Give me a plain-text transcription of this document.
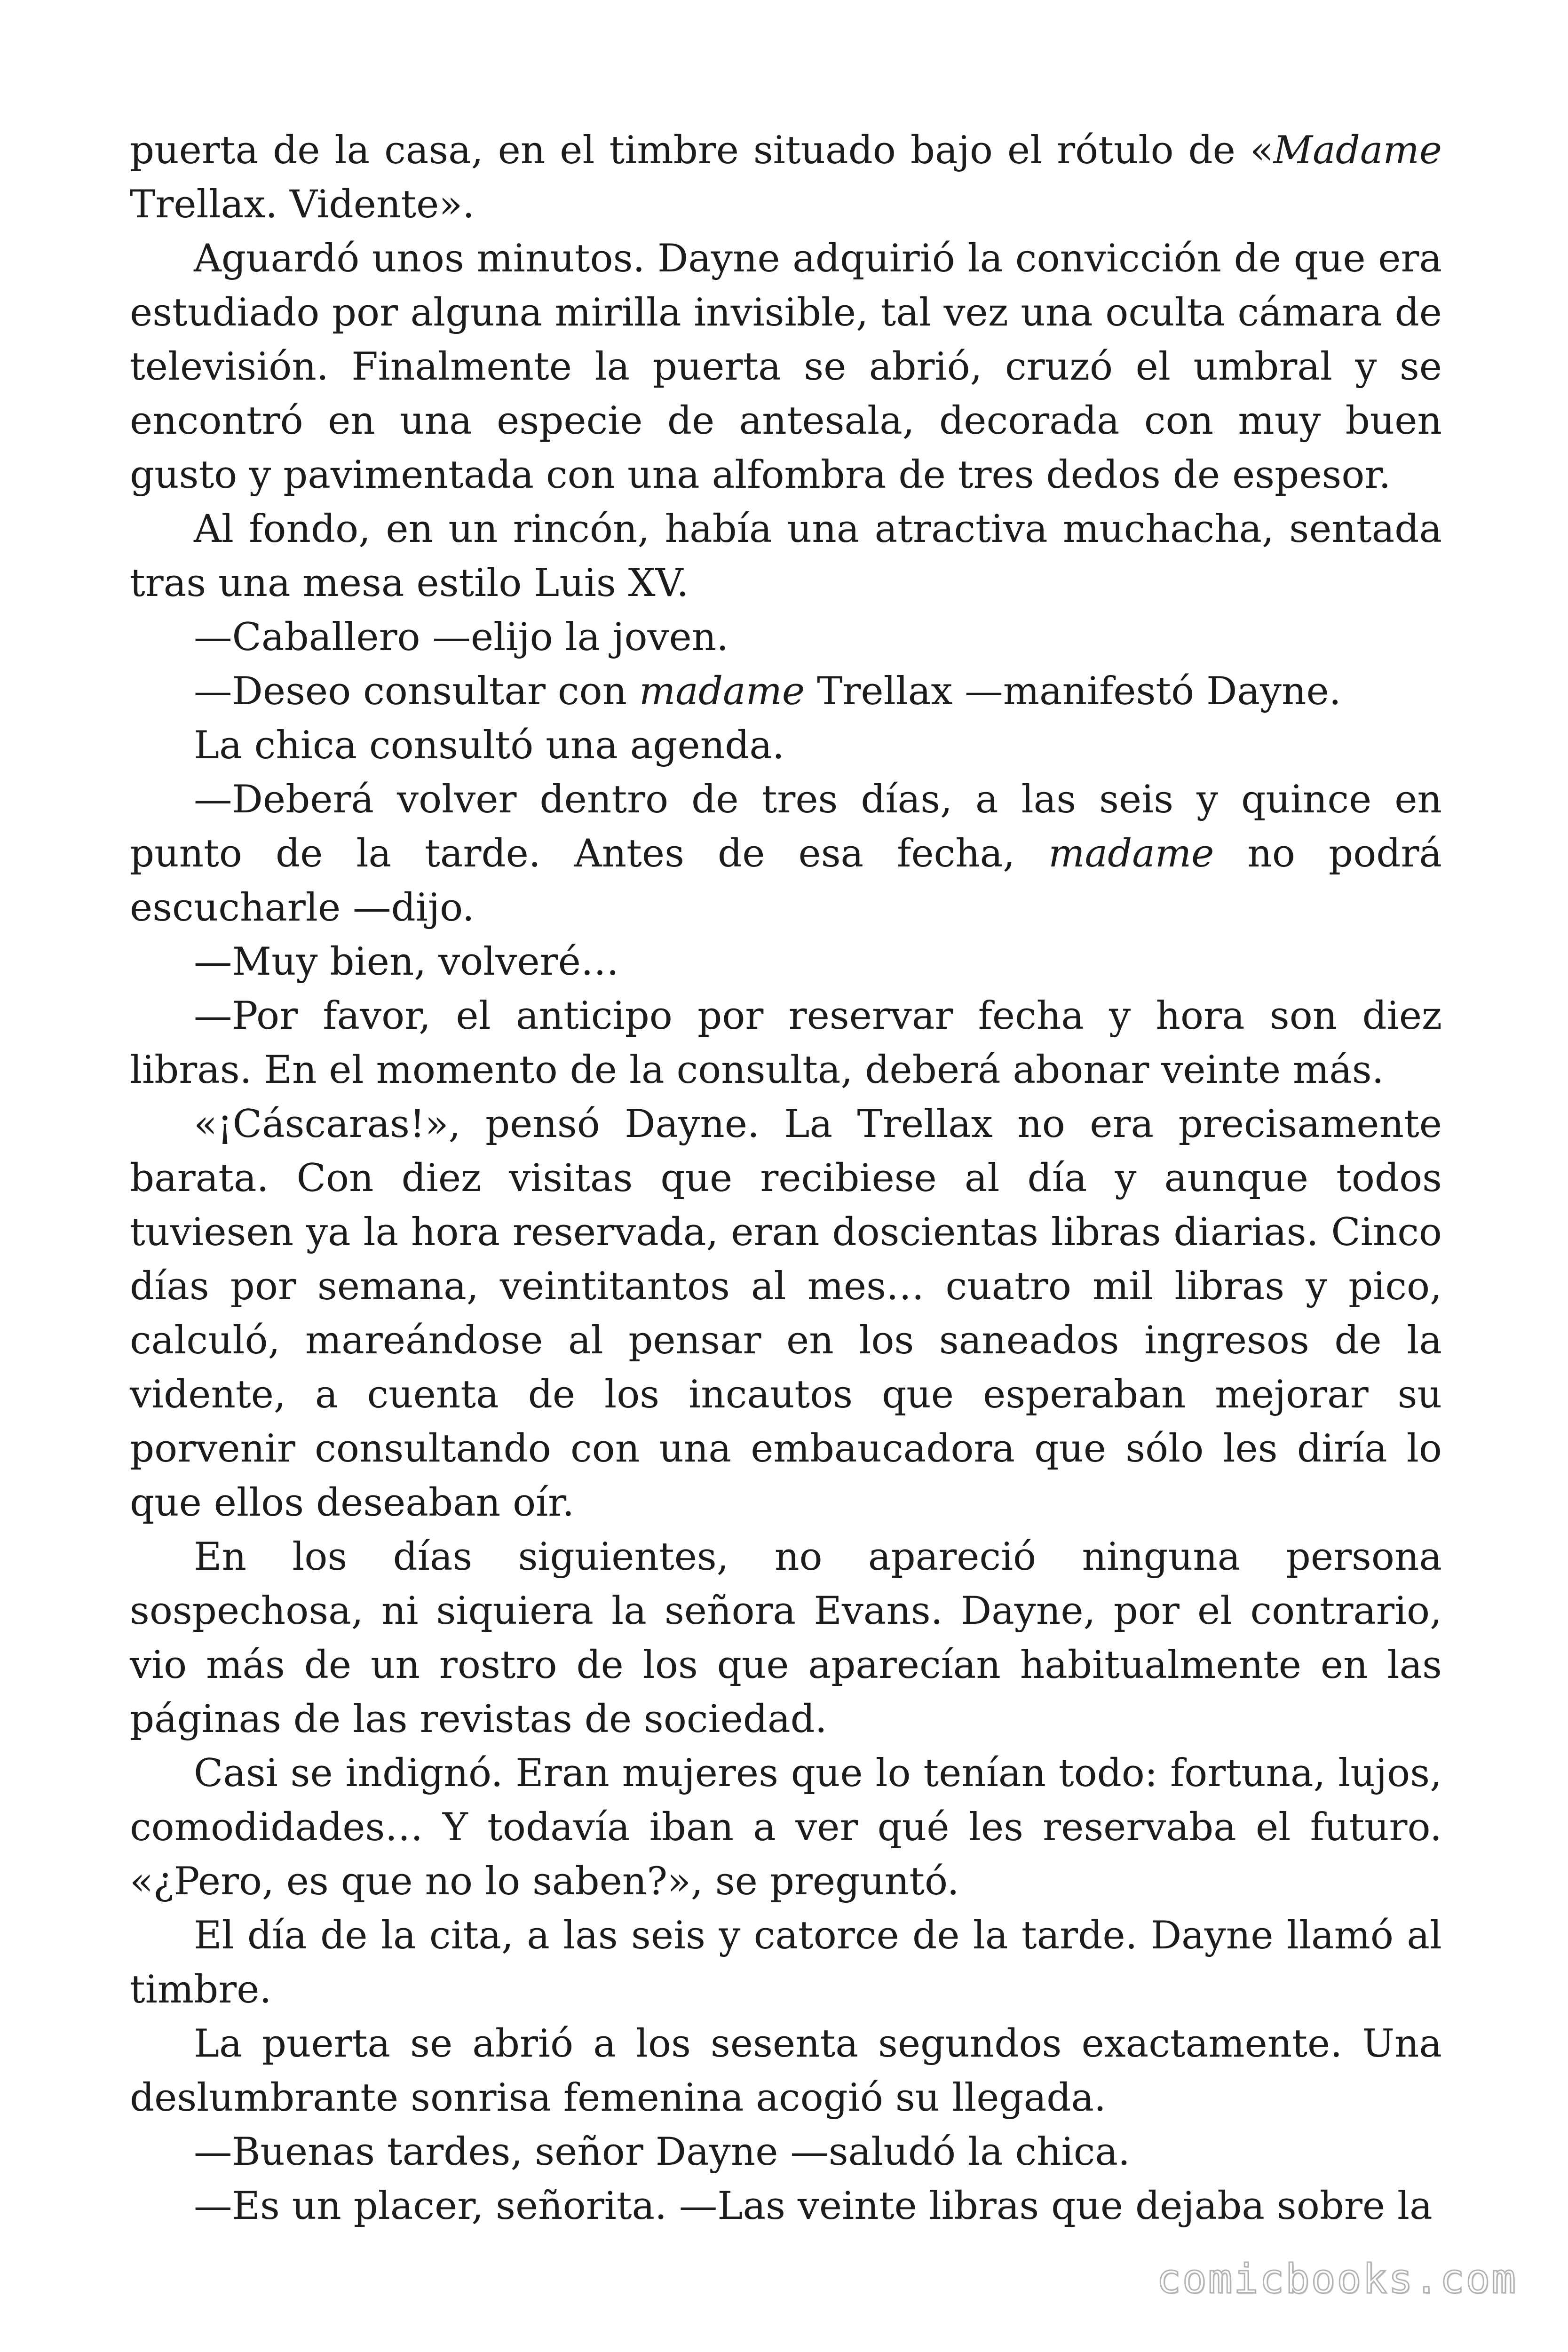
puerta de la casa, en el timbre situado bajo el rótulo de «Madame Trellax. Vidente».

Aguardó unos minutos. Dayne adquirió la convicción de que era estudiado por alguna mirilla invisible, tal vez una oculta cámara de televisión. Finalmente la puerta se abrió, cruzó el umbral y se encontró en una especie de antesala, decorada con muy buen gusto y pavimentada con una alfombra de tres dedos de espesor.

Al fondo, en un rincón, había una atractiva muchacha, sentada tras una mesa estilo Luis XV.

—Caballero —elijo la joven.

—Deseo consultar con madame Trellax —manifestó Dayne.

La chica consultó una agenda.

—Deberá volver dentro de tres días, a las seis y quince en punto de la tarde. Antes de esa fecha, madame no podrá escucharle —dijo.

—Muy bien, volveré…

—Por favor, el anticipo por reservar fecha y hora son diez libras. En el momento de la consulta, deberá abonar veinte más.

«¡Cáscaras!», pensó Dayne. La Trellax no era precisamente barata. Con diez visitas que recibiese al día y aunque todos tuviesen ya la hora reservada, eran doscientas libras diarias. Cinco días por semana, veintitantos al mes… cuatro mil libras y pico, calculó, mareándose al pensar en los saneados ingresos de la vidente, a cuenta de los incautos que esperaban mejorar su porvenir consultando con una embaucadora que sólo les diría lo que ellos deseaban oír.

En los días siguientes, no apareció ninguna persona sospechosa, ni siquiera la señora Evans. Dayne, por el contrario, vio más de un rostro de los que aparecían habitualmente en las páginas de las revistas de sociedad.

Casi se indignó. Eran mujeres que lo tenían todo: fortuna, lujos, comodidades… Y todavía iban a ver qué les reservaba el futuro. «¿Pero, es que no lo saben?», se preguntó.

El día de la cita, a las seis y catorce de la tarde. Dayne llamó al timbre.

La puerta se abrió a los sesenta segundos exactamente. Una deslumbrante sonrisa femenina acogió su llegada.

—Buenas tardes, señor Dayne —saludó la chica.

—Es un placer, señorita. —Las veinte libras que dejaba sobre la

comicbooks.com
